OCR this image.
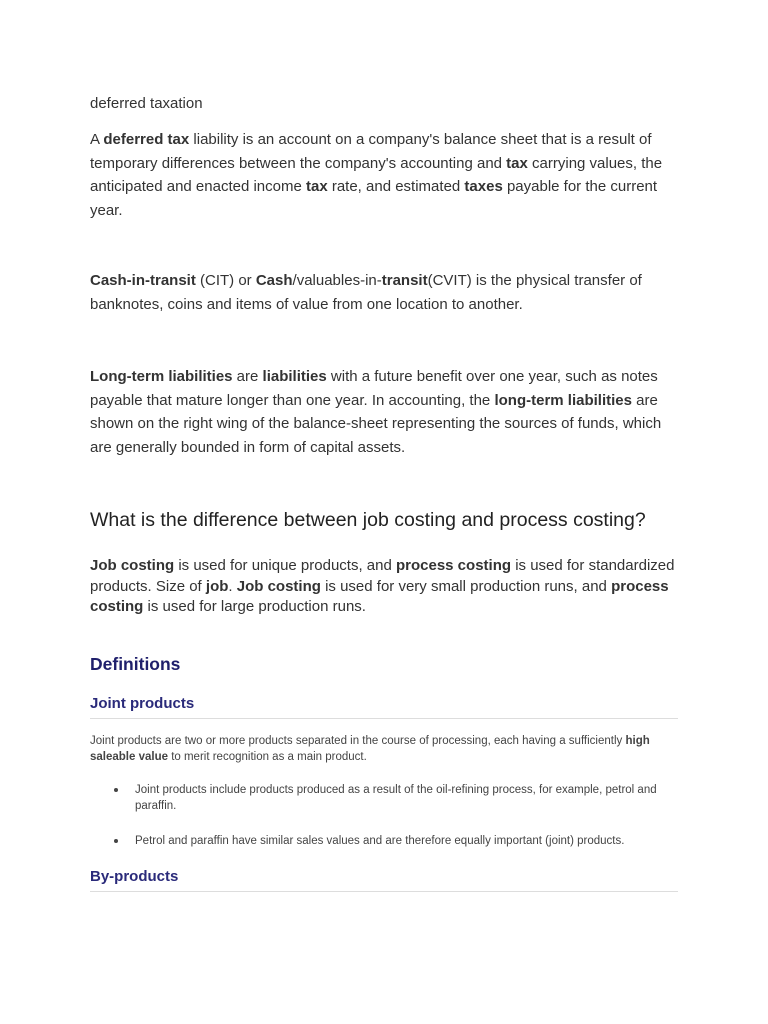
deferred taxation

A deferred tax liability is an account on a company's balance sheet that is a result of temporary differences between the company's accounting and tax carrying values, the anticipated and enacted income tax rate, and estimated taxes payable for the current year.

Cash-in-transit (CIT) or Cash/valuables-in-transit(CVIT) is the physical transfer of banknotes, coins and items of value from one location to another.

Long-term liabilities are liabilities with a future benefit over one year, such as notes payable that mature longer than one year. In accounting, the long-term liabilities are shown on the right wing of the balance-sheet representing the sources of funds, which are generally bounded in form of capital assets.

What is the difference between job costing and process costing?

Job costing is used for unique products, and process costing is used for standardized products. Size of job. Job costing is used for very small production runs, and process costing is used for large production runs.

Definitions
Joint products

Joint products are two or more products separated in the course of processing, each having a sufficiently high saleable value to merit recognition as a main product.

Joint products include products produced as a result of the oil-refining process, for example, petrol and paraffin.
Petrol and paraffin have similar sales values and are therefore equally important (joint) products.
By-products
